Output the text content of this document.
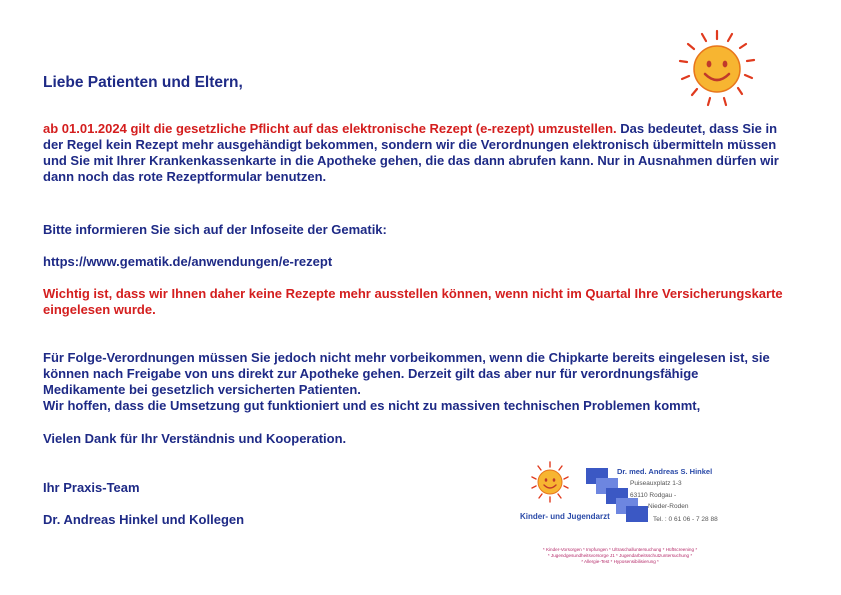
Liebe Patienten und Eltern,
ab 01.01.2024 gilt die gesetzliche Pflicht auf das elektronische Rezept (e-rezept) umzustellen. Das bedeutet, dass Sie in der Regel kein Rezept mehr ausgehändigt bekommen, sondern wir die Verordnungen elektronisch übermitteln müssen und Sie mit Ihrer Krankenkassenkarte in die Apotheke gehen, die das dann abrufen kann. Nur in Ausnahmen dürfen wir dann noch das rote Rezeptformular benutzen.
Bitte informieren Sie sich auf der Infoseite der Gematik:
https://www.gematik.de/anwendungen/e-rezept
Wichtig ist, dass wir Ihnen daher keine Rezepte mehr ausstellen können, wenn nicht im Quartal Ihre Versicherungskarte eingelesen wurde.
Für Folge-Verordnungen müssen Sie jedoch nicht mehr vorbeikommen, wenn die Chipkarte bereits eingelesen ist, sie können nach Freigabe von uns direkt zur Apotheke gehen. Derzeit gilt das aber nur für verordnungsfähige Medikamente bei gesetzlich versicherten Patienten.
Wir hoffen, dass die Umsetzung gut funktioniert und es nicht zu massiven technischen Problemen kommt,
Vielen Dank für Ihr Verständnis und Kooperation.
Ihr Praxis-Team
Dr. Andreas Hinkel und Kollegen
Dr. med. Andreas S. Hinkel
Puiseauxplatz 1-3
63110 Rodgau -
Nieder-Roden
Tel. : 0 61 06 - 7 28 88
Kinder- und Jugendarzt
* Kinder-Vorsorgen * Impfungen * Ultraschalluntersuchung * Hüftscreening *
* Jugendgesundheitsvorsorge J1 * Jugendarbeitsschutzuntersuchung *
* Allergie-Test * Hyposensibilisierung *
